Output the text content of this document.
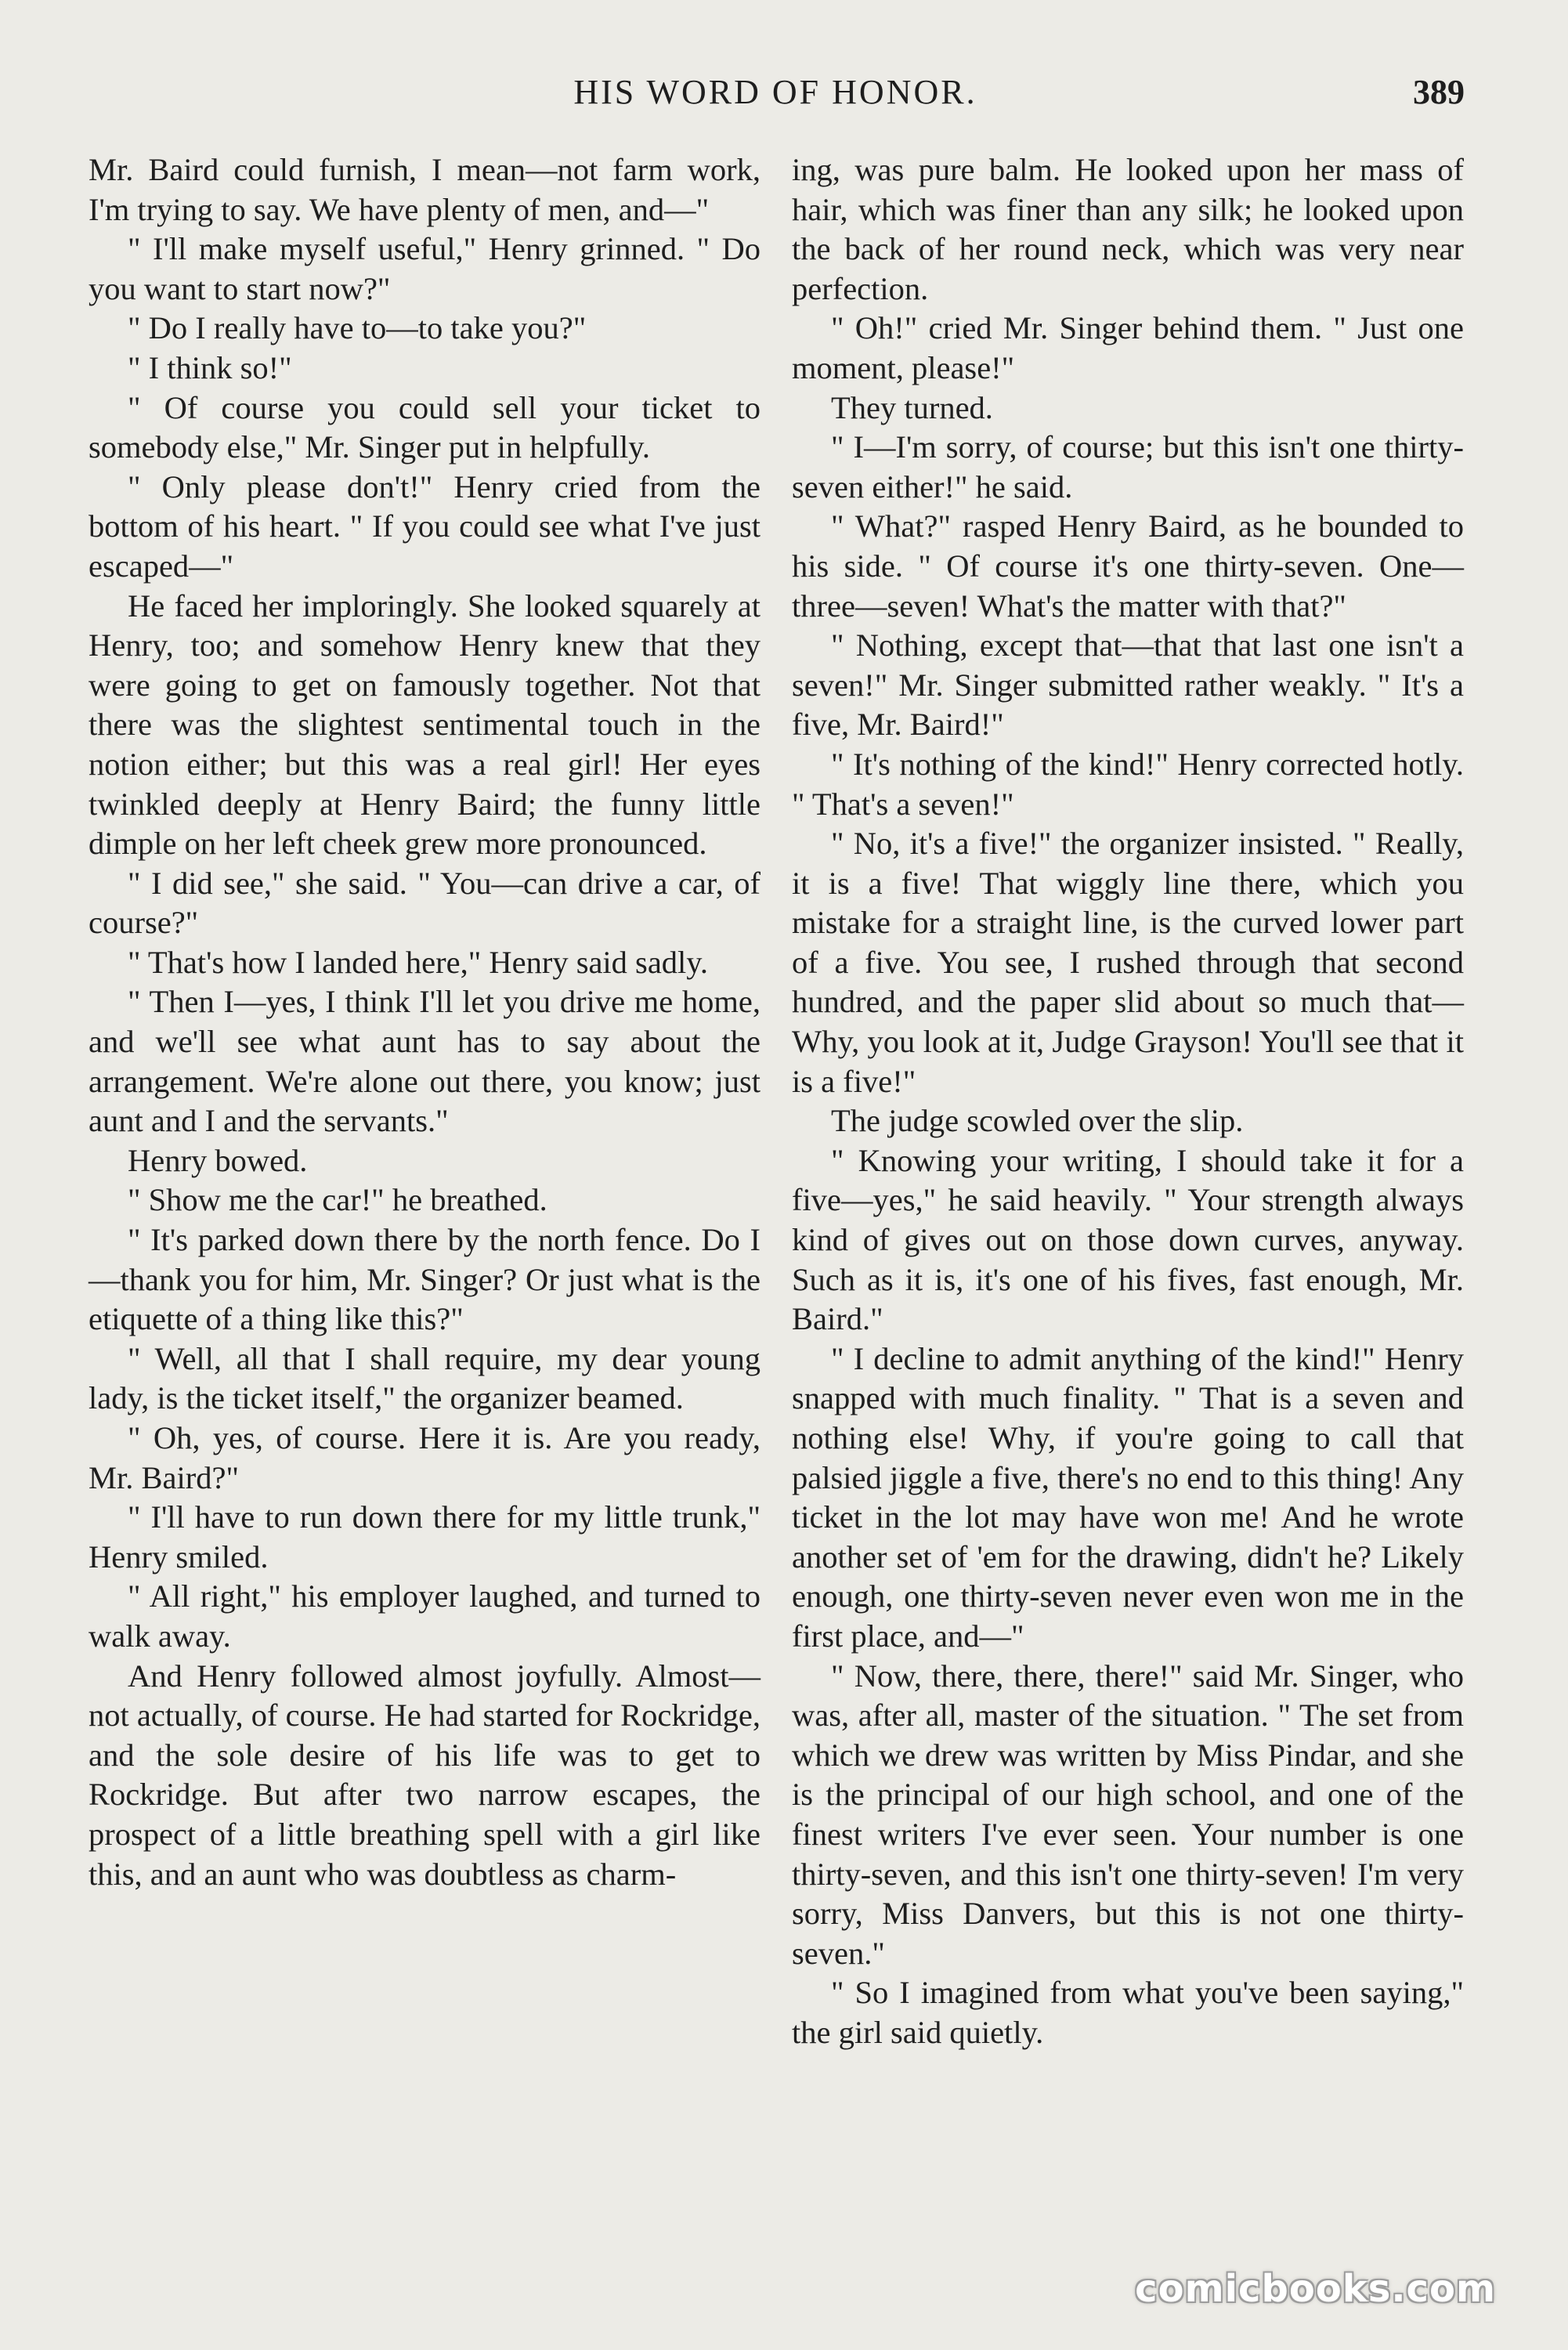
HIS WORD OF HONOR.	389

Mr. Baird could furnish, I mean—not farm work, I'm trying to say. We have plenty of men, and—"

" I'll make myself useful," Henry grinned. " Do you want to start now?"

" Do I really have to—to take you?"

" I think so!"

" Of course you could sell your ticket to somebody else," Mr. Singer put in helpfully.

" Only please don't!" Henry cried from the bottom of his heart. " If you could see what I've just escaped—"

He faced her imploringly. She looked squarely at Henry, too; and somehow Henry knew that they were going to get on famously together. Not that there was the slightest sentimental touch in the notion either; but this was a real girl! Her eyes twinkled deeply at Henry Baird; the funny little dimple on her left cheek grew more pronounced.

" I did see," she said. " You—can drive a car, of course?"

" That's how I landed here," Henry said sadly.

" Then I—yes, I think I'll let you drive me home, and we'll see what aunt has to say about the arrangement. We're alone out there, you know; just aunt and I and the servants."

Henry bowed.

" Show me the car!" he breathed.

" It's parked down there by the north fence. Do I—thank you for him, Mr. Singer? Or just what is the etiquette of a thing like this?"

" Well, all that I shall require, my dear young lady, is the ticket itself," the organizer beamed.

" Oh, yes, of course. Here it is. Are you ready, Mr. Baird?"

" I'll have to run down there for my little trunk," Henry smiled.

" All right," his employer laughed, and turned to walk away.

And Henry followed almost joyfully. Almost—not actually, of course. He had started for Rockridge, and the sole desire of his life was to get to Rockridge. But after two narrow escapes, the prospect of a little breathing spell with a girl like this, and an aunt who was doubtless as charm-

ing, was pure balm. He looked upon her mass of hair, which was finer than any silk; he looked upon the back of her round neck, which was very near perfection.

" Oh!" cried Mr. Singer behind them. " Just one moment, please!"

They turned.

" I—I'm sorry, of course; but this isn't one thirty-seven either!" he said.

" What?" rasped Henry Baird, as he bounded to his side. " Of course it's one thirty-seven. One—three—seven! What's the matter with that?"

" Nothing, except that—that that last one isn't a seven!" Mr. Singer submitted rather weakly. " It's a five, Mr. Baird!"

" It's nothing of the kind!" Henry corrected hotly. " That's a seven!"

" No, it's a five!" the organizer insisted. " Really, it is a five! That wiggly line there, which you mistake for a straight line, is the curved lower part of a five. You see, I rushed through that second hundred, and the paper slid about so much that— Why, you look at it, Judge Grayson! You'll see that it is a five!"

The judge scowled over the slip.

" Knowing your writing, I should take it for a five—yes," he said heavily. " Your strength always kind of gives out on those down curves, anyway. Such as it is, it's one of his fives, fast enough, Mr. Baird."

" I decline to admit anything of the kind!" Henry snapped with much finality. " That is a seven and nothing else! Why, if you're going to call that palsied jiggle a five, there's no end to this thing! Any ticket in the lot may have won me! And he wrote another set of 'em for the drawing, didn't he? Likely enough, one thirty-seven never even won me in the first place, and—"

" Now, there, there, there!" said Mr. Singer, who was, after all, master of the situation. " The set from which we drew was written by Miss Pindar, and she is the principal of our high school, and one of the finest writers I've ever seen. Your number is one thirty-seven, and this isn't one thirty-seven! I'm very sorry, Miss Danvers, but this is not one thirty-seven."

" So I imagined from what you've been saying," the girl said quietly.

comicbooks.com
